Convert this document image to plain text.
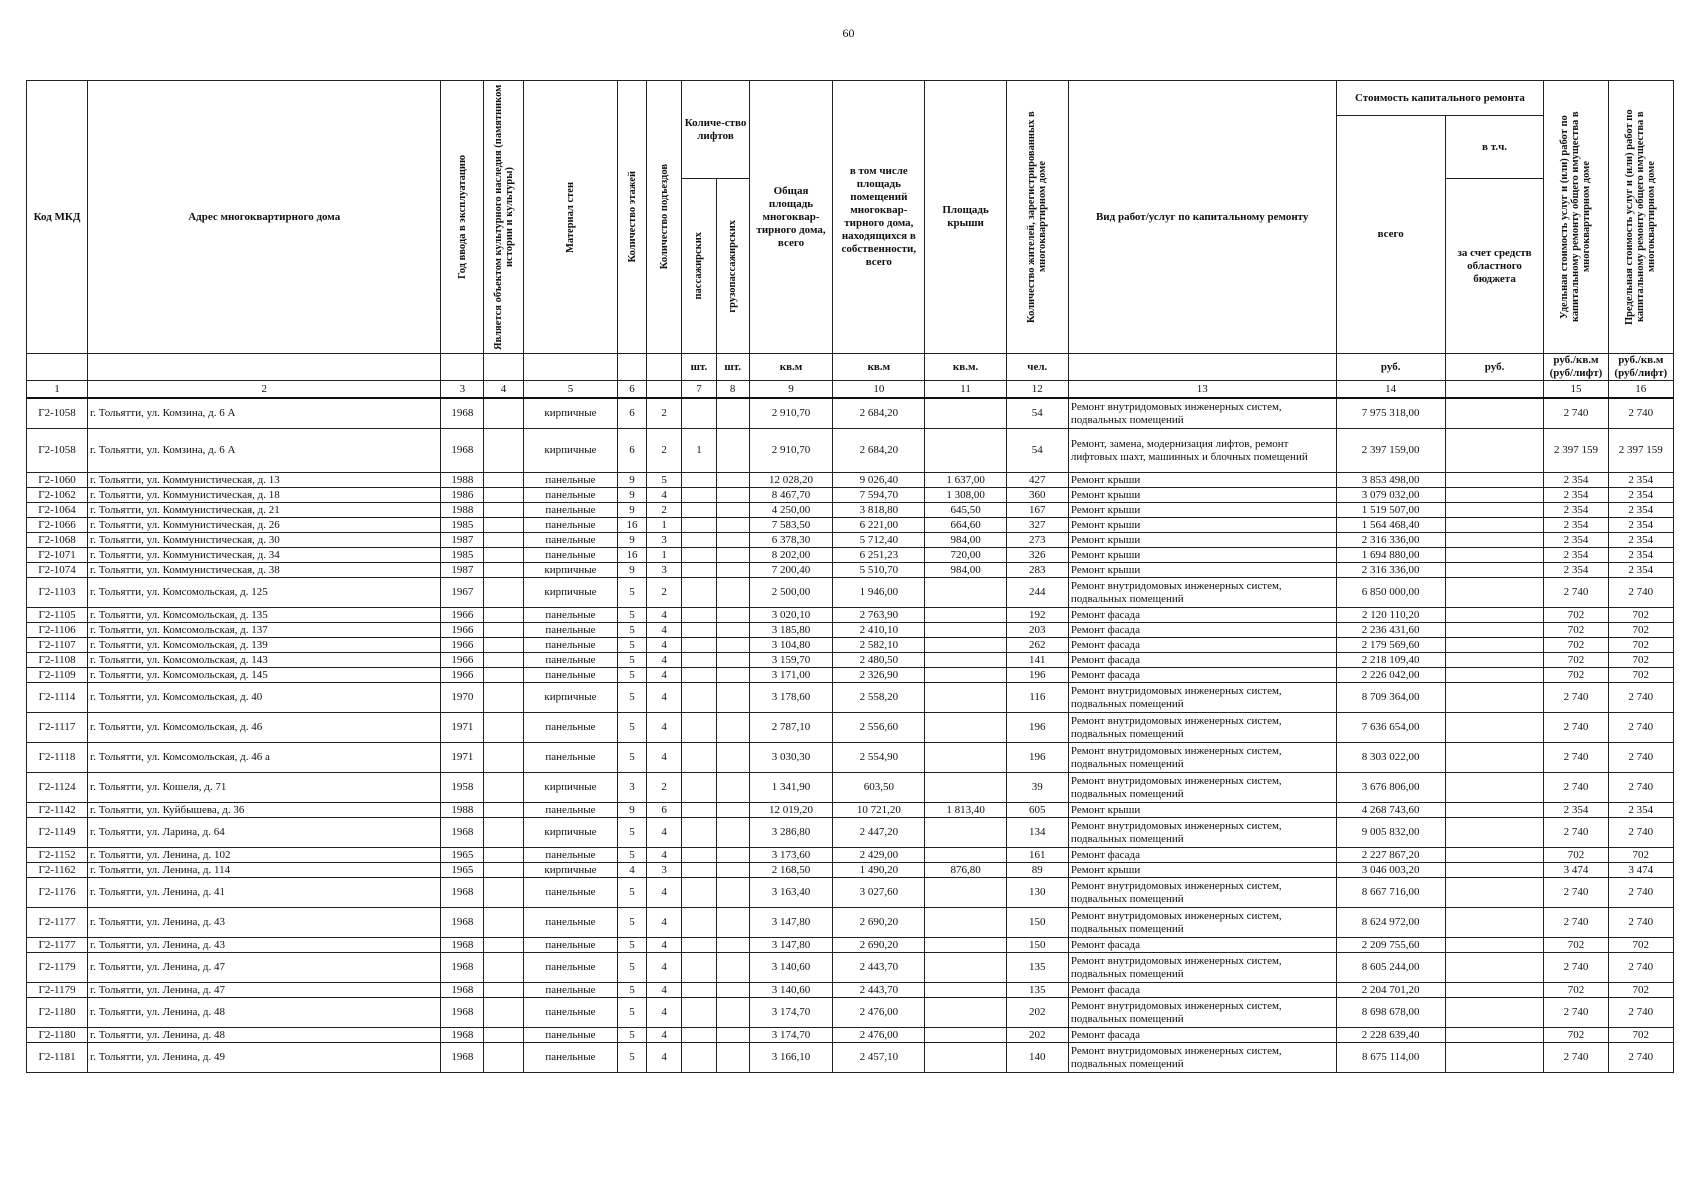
60
Код МКД	Адрес многоквартирного дома	Год ввода в эксплуатацию	Является объектом культурного наследия (памятником истории и культуры)	Материал стен	Количество этажей	Количество подъездов	Количе-ство лифтов		Общая площадь многоквар-тирного дома, всего	в том числе площадь помещений многоквар-тирного дома, находящихся в собственности, всего	Площадь крыши	Количество жителей, зарегистрированных в многоквартирном доме	Вид работ/услуг по капитальному ремонту	Стоимость капитального ремонта		Удельная стоимость услуг и (или) работ по капитальному ремонту общего имущества в многоквартирном доме	Предельная стоимость услуг и (или) работ по капитальному ремонту общего имущества в многоквартирном доме

														всего	в т.ч.		

							пассажирских	грузопассажирских							за счет средств областного бюджета		
							шт.	шт.	кв.м	кв.м	кв.м.	чел.		руб.	руб.	руб./кв.м (руб/лифт)	руб./кв.м (руб/лифт)
1	2	3	4	5	6		7	8	9	10	11	12	13	14		15	16
Г2-1058	г. Тольятти, ул. Комзина, д. 6 А	1968		кирпичные	6	2			2 910,70	2 684,20		54	Ремонт внутридомовых инженерных систем, подвальных помещений	7 975 318,00		2 740	2 740
Г2-1058	г. Тольятти, ул. Комзина, д. 6 А	1968		кирпичные	6	2	1		2 910,70	2 684,20		54	Ремонт, замена, модернизация лифтов, ремонт лифтовых шахт, машинных и блочных помещений	2 397 159,00		2 397 159	2 397 159
Г2-1060	г. Тольятти, ул. Коммунистическая, д. 13	1988		панельные	9	5			12 028,20	9 026,40	1 637,00	427	Ремонт крыши	3 853 498,00		2 354	2 354
Г2-1062	г. Тольятти, ул. Коммунистическая, д. 18	1986		панельные	9	4			8 467,70	7 594,70	1 308,00	360	Ремонт крыши	3 079 032,00		2 354	2 354
Г2-1064	г. Тольятти, ул. Коммунистическая, д. 21	1988		панельные	9	2			4 250,00	3 818,80	645,50	167	Ремонт крыши	1 519 507,00		2 354	2 354
Г2-1066	г. Тольятти, ул. Коммунистическая, д. 26	1985		панельные	16	1			7 583,50	6 221,00	664,60	327	Ремонт крыши	1 564 468,40		2 354	2 354
Г2-1068	г. Тольятти, ул. Коммунистическая, д. 30	1987		панельные	9	3			6 378,30	5 712,40	984,00	273	Ремонт крыши	2 316 336,00		2 354	2 354
Г2-1071	г. Тольятти, ул. Коммунистическая, д. 34	1985		панельные	16	1			8 202,00	6 251,23	720,00	326	Ремонт крыши	1 694 880,00		2 354	2 354
Г2-1074	г. Тольятти, ул. Коммунистическая, д. 38	1987		кирпичные	9	3			7 200,40	5 510,70	984,00	283	Ремонт крыши	2 316 336,00		2 354	2 354
Г2-1103	г. Тольятти, ул. Комсомольская, д. 125	1967		кирпичные	5	2			2 500,00	1 946,00		244	Ремонт внутридомовых инженерных систем, подвальных помещений	6 850 000,00		2 740	2 740
Г2-1105	г. Тольятти, ул. Комсомольская, д. 135	1966		панельные	5	4			3 020,10	2 763,90		192	Ремонт фасада	2 120 110,20		702	702
Г2-1106	г. Тольятти, ул. Комсомольская, д. 137	1966		панельные	5	4			3 185,80	2 410,10		203	Ремонт фасада	2 236 431,60		702	702
Г2-1107	г. Тольятти, ул. Комсомольская, д. 139	1966		панельные	5	4			3 104,80	2 582,10		262	Ремонт фасада	2 179 569,60		702	702
Г2-1108	г. Тольятти, ул. Комсомольская, д. 143	1966		панельные	5	4			3 159,70	2 480,50		141	Ремонт фасада	2 218 109,40		702	702
Г2-1109	г. Тольятти, ул. Комсомольская, д. 145	1966		панельные	5	4			3 171,00	2 326,90		196	Ремонт фасада	2 226 042,00		702	702
Г2-1114	г. Тольятти, ул. Комсомольская, д. 40	1970		кирпичные	5	4			3 178,60	2 558,20		116	Ремонт внутридомовых инженерных систем, подвальных помещений	8 709 364,00		2 740	2 740
Г2-1117	г. Тольятти, ул. Комсомольская, д. 46	1971		панельные	5	4			2 787,10	2 556,60		196	Ремонт внутридомовых инженерных систем, подвальных помещений	7 636 654,00		2 740	2 740
Г2-1118	г. Тольятти, ул. Комсомольская, д. 46 а	1971		панельные	5	4			3 030,30	2 554,90		196	Ремонт внутридомовых инженерных систем, подвальных помещений	8 303 022,00		2 740	2 740
Г2-1124	г. Тольятти, ул. Кошеля, д. 71	1958		кирпичные	3	2			1 341,90	603,50		39	Ремонт внутридомовых инженерных систем, подвальных помещений	3 676 806,00		2 740	2 740
Г2-1142	г. Тольятти, ул. Куйбышева, д. 36	1988		панельные	9	6			12 019,20	10 721,20	1 813,40	605	Ремонт крыши	4 268 743,60		2 354	2 354
Г2-1149	г. Тольятти, ул. Ларина, д. 64	1968		кирпичные	5	4			3 286,80	2 447,20		134	Ремонт внутридомовых инженерных систем, подвальных помещений	9 005 832,00		2 740	2 740
Г2-1152	г. Тольятти, ул. Ленина, д. 102	1965		панельные	5	4			3 173,60	2 429,00		161	Ремонт фасада	2 227 867,20		702	702
Г2-1162	г. Тольятти, ул. Ленина, д. 114	1965		кирпичные	4	3			2 168,50	1 490,20	876,80	89	Ремонт крыши	3 046 003,20		3 474	3 474
Г2-1176	г. Тольятти, ул. Ленина, д. 41	1968		панельные	5	4			3 163,40	3 027,60		130	Ремонт внутридомовых инженерных систем, подвальных помещений	8 667 716,00		2 740	2 740
Г2-1177	г. Тольятти, ул. Ленина, д. 43	1968		панельные	5	4			3 147,80	2 690,20		150	Ремонт внутридомовых инженерных систем, подвальных помещений	8 624 972,00		2 740	2 740
Г2-1177	г. Тольятти, ул. Ленина, д. 43	1968		панельные	5	4			3 147,80	2 690,20		150	Ремонт фасада	2 209 755,60		702	702
Г2-1179	г. Тольятти, ул. Ленина, д. 47	1968		панельные	5	4			3 140,60	2 443,70		135	Ремонт внутридомовых инженерных систем, подвальных помещений	8 605 244,00		2 740	2 740
Г2-1179	г. Тольятти, ул. Ленина, д. 47	1968		панельные	5	4			3 140,60	2 443,70		135	Ремонт фасада	2 204 701,20		702	702
Г2-1180	г. Тольятти, ул. Ленина, д. 48	1968		панельные	5	4			3 174,70	2 476,00		202	Ремонт внутридомовых инженерных систем, подвальных помещений	8 698 678,00		2 740	2 740
Г2-1180	г. Тольятти, ул. Ленина, д. 48	1968		панельные	5	4			3 174,70	2 476,00		202	Ремонт фасада	2 228 639,40		702	702
Г2-1181	г. Тольятти, ул. Ленина, д. 49	1968		панельные	5	4			3 166,10	2 457,10		140	Ремонт внутридомовых инженерных систем, подвальных помещений	8 675 114,00		2 740	2 740
